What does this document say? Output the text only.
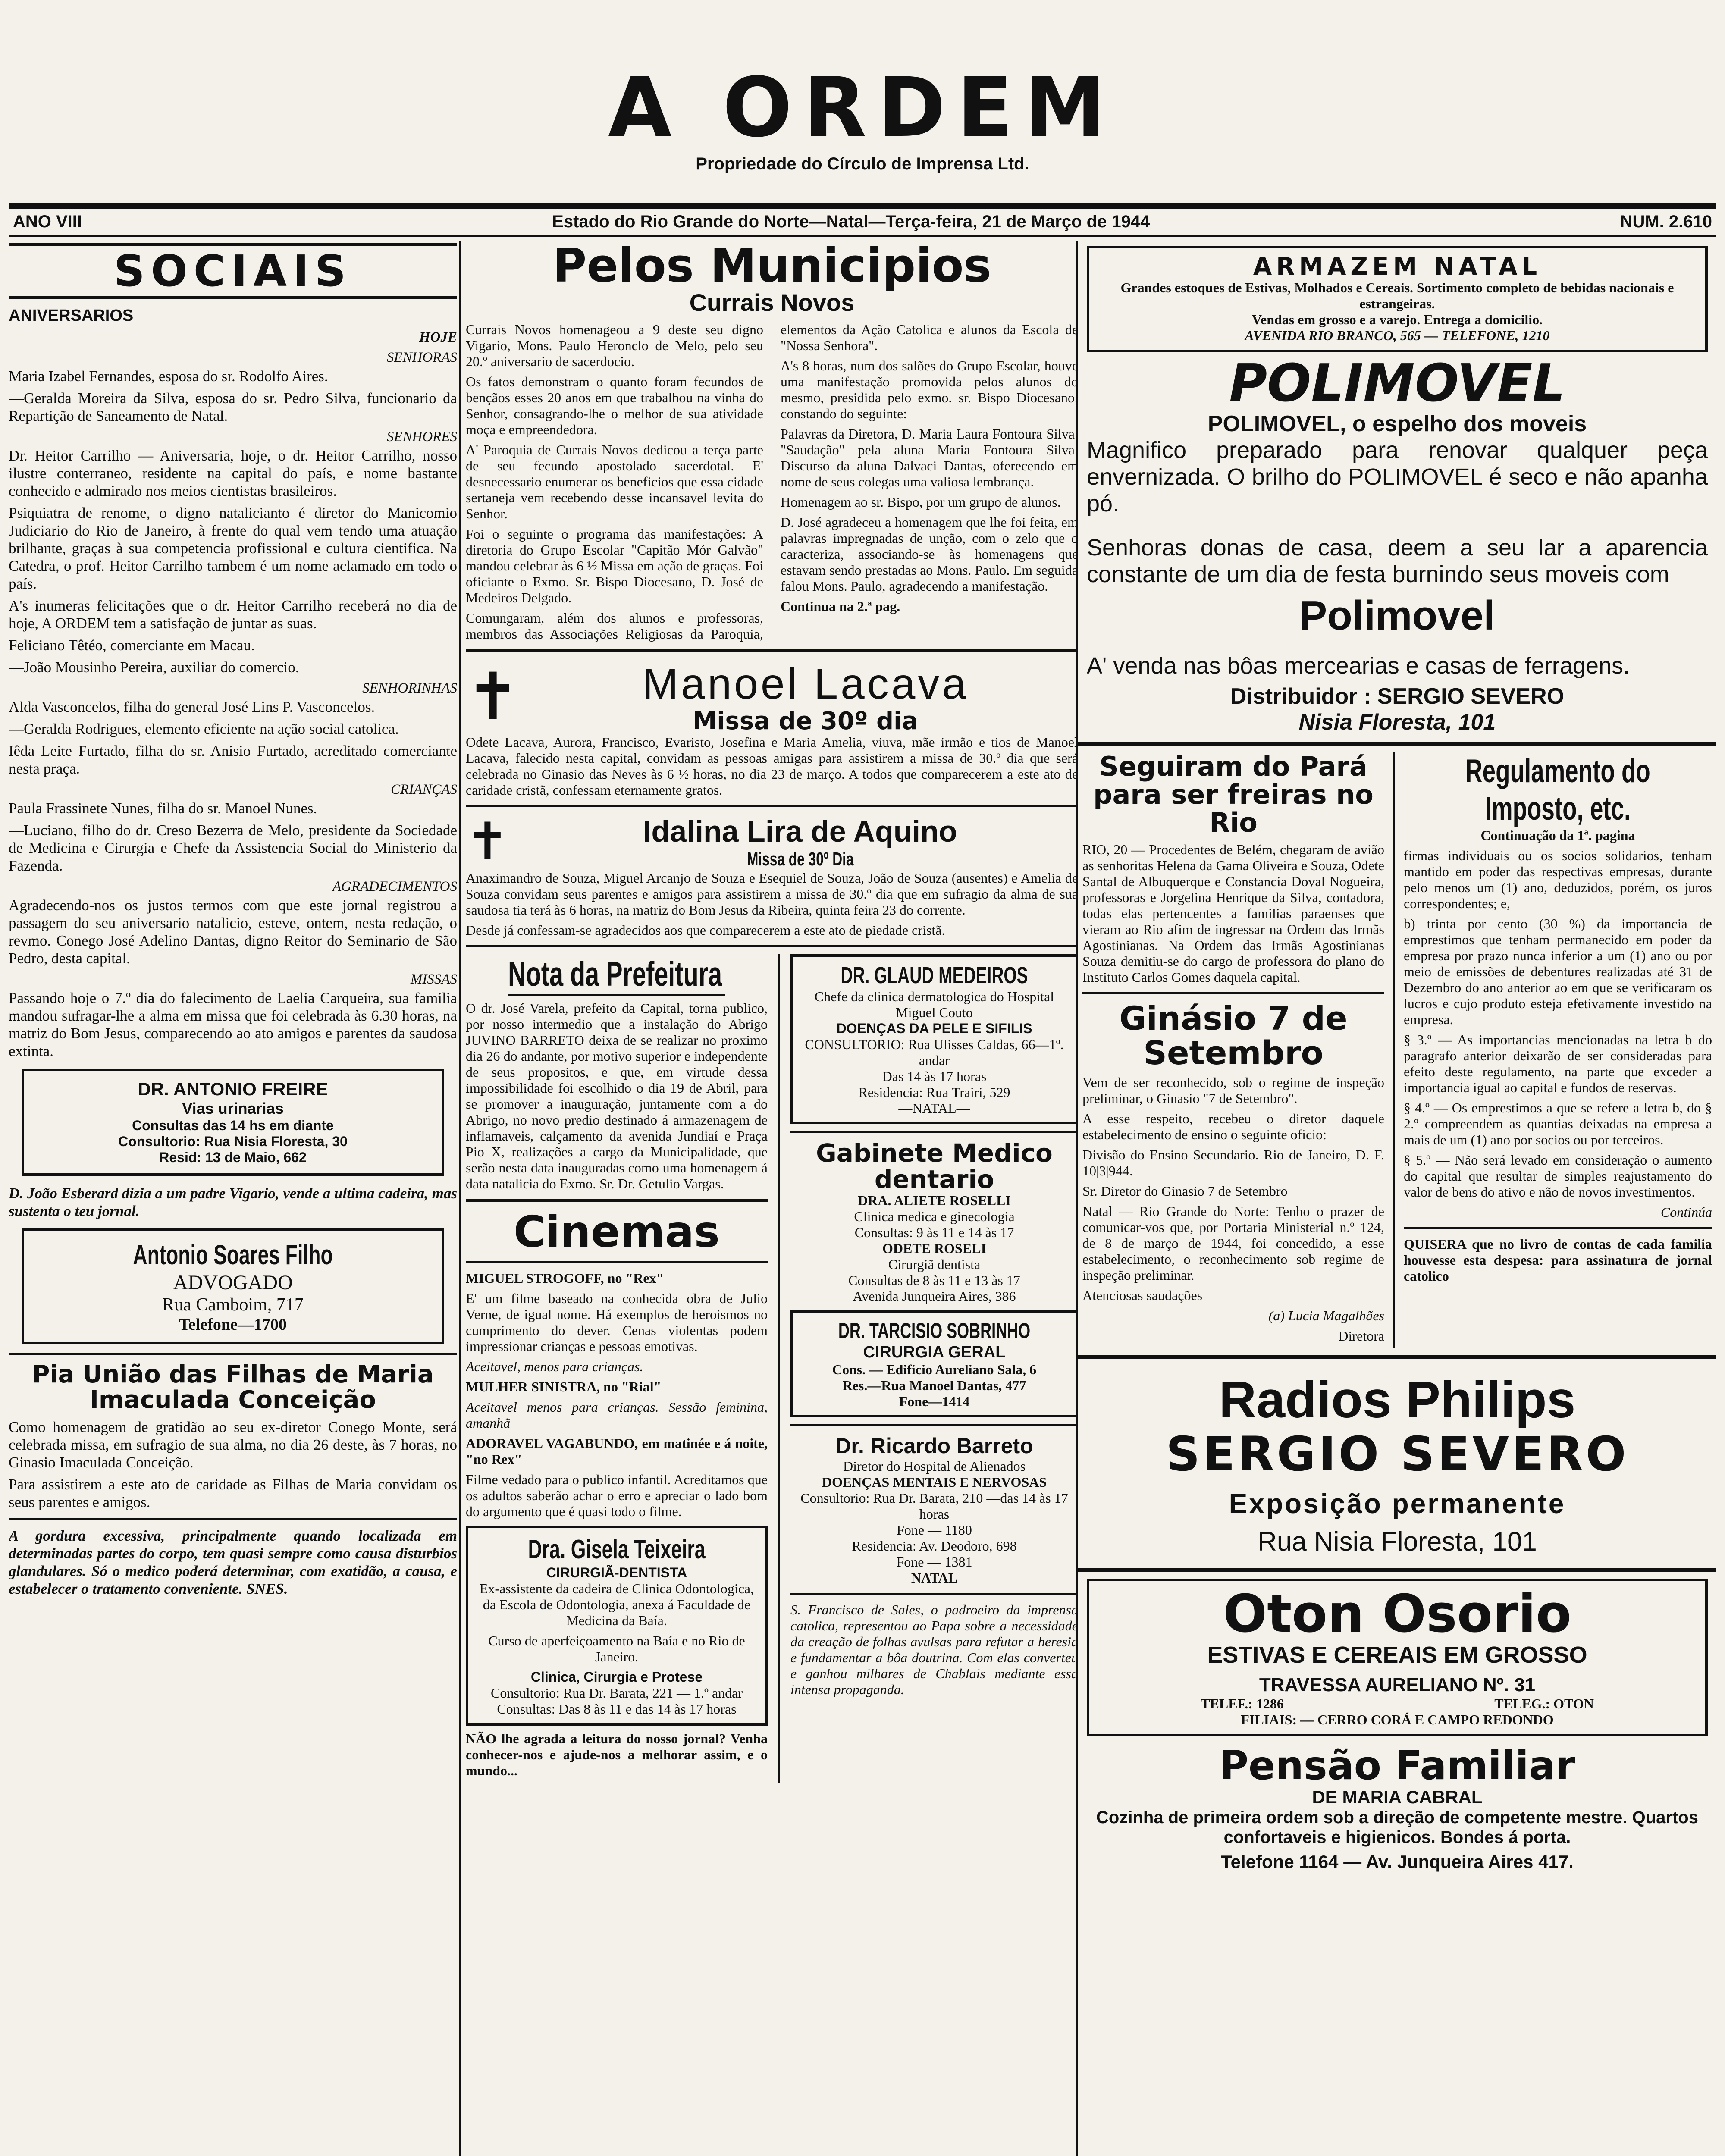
A ORDEM
Propriedade do Círculo de Imprensa Ltd.
ANO VIII	Estado do Rio Grande do Norte—Natal—Terça-feira, 21 de Março de 1944	NUM. 2.610
SOCIAIS
ANIVERSARIOS
HOJE
SENHORAS

Maria Izabel Fernandes, esposa do sr. Rodolfo Aires.

—Geralda Moreira da Silva, esposa do sr. Pedro Silva, funcionario da Repartição de Saneamento de Natal.

SENHORES

Dr. Heitor Carrilho — Aniversaria, hoje, o dr. Heitor Carrilho, nosso ilustre conterraneo, residente na capital do país, e nome bastante conhecido e admirado nos meios cientistas brasileiros.

Psiquiatra de renome, o digno natalicianto é diretor do Manicomio Judiciario do Rio de Janeiro, à frente do qual vem tendo uma atuação brilhante, graças à sua competencia profissional e cultura cientifica. Na Catedra, o prof. Heitor Carrilho tambem é um nome aclamado em todo o país.

A's inumeras felicitações que o dr. Heitor Carrilho receberá no dia de hoje, A ORDEM tem a satisfação de juntar as suas.

Feliciano Têtéo, comerciante em Macau.

—João Mousinho Pereira, auxiliar do comercio.

SENHORINHAS

Alda Vasconcelos, filha do general José Lins P. Vasconcelos.

—Geralda Rodrigues, elemento eficiente na ação social catolica.

Iêda Leite Furtado, filha do sr. Anisio Furtado, acreditado comerciante nesta praça.

CRIANÇAS

Paula Frassinete Nunes, filha do sr. Manoel Nunes.

—Luciano, filho do dr. Creso Bezerra de Melo, presidente da Sociedade de Medicina e Cirurgia e Chefe da Assistencia Social do Ministerio da Fazenda.

AGRADECIMENTOS

Agradecendo-nos os justos termos com que este jornal registrou a passagem do seu aniversario natalicio, esteve, ontem, nesta redação, o revmo. Conego José Adelino Dantas, digno Reitor do Seminario de São Pedro, desta capital.

MISSAS

Passando hoje o 7.º dia do falecimento de Laelia Carqueira, sua familia mandou sufragar-lhe a alma em missa que foi celebrada às 6.30 horas, na matriz do Bom Jesus, comparecendo ao ato amigos e parentes da saudosa extinta.

DR. ANTONIO FREIRE
Vias urinarias
Consultas das 14 hs em diante
Consultorio: Rua Nisia Floresta, 30
Resid: 13 de Maio, 662

D. João Esberard dizia a um padre Vigario, vende a ultima cadeira, mas sustenta o teu jornal.

Antonio Soares Filho
ADVOGADO
Rua Camboim, 717
Telefone—1700
Pia União das Filhas de Maria Imaculada Conceição

Como homenagem de gratidão ao seu ex-diretor Conego Monte, será celebrada missa, em sufragio de sua alma, no dia 26 deste, às 7 horas, no Ginasio Imaculada Conceição.

Para assistirem a este ato de caridade as Filhas de Maria convidam os seus parentes e amigos.

A gordura excessiva, principalmente quando localizada em determinadas partes do corpo, tem quasi sempre como causa disturbios glandulares. Só o medico poderá determinar, com exatidão, a causa, e estabelecer o tratamento conveniente. SNES.

Pelos Municipios
Currais Novos

Currais Novos homenageou a 9 deste seu digno Vigario, Mons. Paulo Heronclo de Melo, pelo seu 20.º aniversario de sacerdocio.

Os fatos demonstram o quanto foram fecundos de bençãos esses 20 anos em que trabalhou na vinha do Senhor, consagrando-lhe o melhor de sua atividade moça e empreendedora.

A' Paroquia de Currais Novos dedicou a terça parte de seu fecundo apostolado sacerdotal. E' desnecessario enumerar os beneficios que essa cidade sertaneja vem recebendo desse incansavel levita do Senhor.

Foi o seguinte o programa das manifestações: A diretoria do Grupo Escolar "Capitão Mór Galvão" mandou celebrar às 6 ½ Missa em ação de graças. Foi oficiante o Exmo. Sr. Bispo Diocesano, D. José de Medeiros Delgado.

Comungaram, além dos alunos e professoras, membros das Associações Religiosas da Paroquia, elementos da Ação Catolica e alunos da Escola de "Nossa Senhora".

A's 8 horas, num dos salões do Grupo Escolar, houve uma manifestação promovida pelos alunos do mesmo, presidida pelo exmo. sr. Bispo Diocesano, constando do seguinte:

Palavras da Diretora, D. Maria Laura Fontoura Silva. "Saudação" pela aluna Maria Fontoura Silva. Discurso da aluna Dalvaci Dantas, oferecendo em nome de seus colegas uma valiosa lembrança.

Homenagem ao sr. Bispo, por um grupo de alunos.

D. José agradeceu a homenagem que lhe foi feita, em palavras impregnadas de unção, com o zelo que o caracteriza, associando-se às homenagens que estavam sendo prestadas ao Mons. Paulo. Em seguida falou Mons. Paulo, agradecendo a manifestação.

Continua na 2.ª pag.

✝	Manoel Lacava
Missa de 30º dia

Odete Lacava, Aurora, Francisco, Evaristo, Josefina e Maria Amelia, viuva, mãe irmão e tios de Manoel Lacava, falecido nesta capital, convidam as pessoas amigas para assistirem a missa de 30.º dia que será celebrada no Ginasio das Neves às 6 ½ horas, no dia 23 de março. A todos que comparecerem a este ato de caridade cristã, confessam eternamente gratos.

✝	Idalina Lira de Aquino
Missa de 30º Dia

Anaximandro de Souza, Miguel Arcanjo de Souza e Esequiel de Souza, João de Souza (ausentes) e Amelia de Souza convidam seus parentes e amigos para assistirem a missa de 30.º dia que em sufragio da alma de sua saudosa tia terá às 6 horas, na matriz do Bom Jesus da Ribeira, quinta feira 23 do corrente.

Desde já confessam-se agradecidos aos que comparecerem a este ato de piedade cristã.

Nota da Prefeitura

O dr. José Varela, prefeito da Capital, torna publico, por nosso intermedio que a instalação do Abrigo JUVINO BARRETO deixa de se realizar no proximo dia 26 do andante, por motivo superior e independente de seus propositos, e que, em virtude dessa impossibilidade foi escolhido o dia 19 de Abril, para se promover a inauguração, juntamente com a do Abrigo, no novo predio destinado á armazenagem de inflamaveis, calçamento da avenida Jundiaí e Praça Pio X, realizações a cargo da Municipalidade, que serão nesta data inauguradas como uma homenagem á data natalicia do Exmo. Sr. Dr. Getulio Vargas.

Cinemas

MIGUEL STROGOFF, no "Rex"

E' um filme baseado na conhecida obra de Julio Verne, de igual nome. Há exemplos de heroismos no cumprimento do dever. Cenas violentas podem impressionar crianças e pessoas emotivas.

Aceitavel, menos para crianças.

MULHER SINISTRA, no "Rial"

Aceitavel menos para crianças. Sessão feminina, amanhã

ADORAVEL VAGABUNDO, em matinée e á noite, "no Rex"

Filme vedado para o publico infantil. Acreditamos que os adultos saberão achar o erro e apreciar o lado bom do argumento que é quasi todo o filme.

Dra. Gisela Teixeira
CIRURGIÃ-DENTISTA

Ex-assistente da cadeira de Clinica Odontologica, da Escola de Odontologia, anexa á Faculdade de Medicina da Baía.

Curso de aperfeiçoamento na Baía e no Rio de Janeiro.

Clinica, Cirurgia e Protese
Consultorio: Rua Dr. Barata, 221 — 1.º andar
Consultas: Das 8 às 11 e das 14 às 17 horas

NÃO lhe agrada a leitura do nosso jornal? Venha conhecer-nos e ajude-nos a melhorar assim, e o mundo...

DR. GLAUD MEDEIROS
Chefe da clinica dermatologica do Hospital Miguel Couto
DOENÇAS DA PELE E SIFILIS
CONSULTORIO: Rua Ulisses Caldas, 66—1º. andar
Das 14 às 17 horas
Residencia: Rua Trairi, 529
—NATAL—
Gabinete Medico dentario
DRA. ALIETE ROSELLI
Clinica medica e ginecologia
Consultas: 9 às 11 e 14 às 17
ODETE ROSELI
Cirurgiã dentista
Consultas de 8 às 11 e 13 às 17
Avenida Junqueira Aires, 386
DR. TARCISIO SOBRINHO
CIRURGIA GERAL
Cons. — Edificio Aureliano Sala, 6
Res.—Rua Manoel Dantas, 477
Fone—1414
Dr. Ricardo Barreto
Diretor do Hospital de Alienados
DOENÇAS MENTAIS E NERVOSAS
Consultorio: Rua Dr. Barata, 210 —das 14 às 17 horas
Fone — 1180
Residencia: Av. Deodoro, 698
Fone — 1381
NATAL

S. Francisco de Sales, o padroeiro da imprensa catolica, representou ao Papa sobre a necessidade da creação de folhas avulsas para refutar a heresia e fundamentar a bôa doutrina. Com elas converteu e ganhou milhares de Chablais mediante essa intensa propaganda.

ARMAZEM NATAL
Grandes estoques de Estivas, Molhados e Cereais. Sortimento completo de bebidas nacionais e estrangeiras.
Vendas em grosso e a varejo. Entrega a domicilio.
AVENIDA RIO BRANCO, 565 — TELEFONE, 1210
POLIMOVEL
POLIMOVEL, o espelho dos moveis

Magnifico preparado para renovar qualquer peça envernizada. O brilho do POLIMOVEL é seco e não apanha pó.

Senhoras donas de casa, deem a seu lar a aparencia constante de um dia de festa burnindo seus moveis com

Polimovel

A' venda nas bôas mercearias e casas de ferragens.

Distribuidor : SERGIO SEVERO
Nisia Floresta, 101
Seguiram do Pará para ser freiras no Rio

RIO, 20 — Procedentes de Belém, chegaram de avião as senhoritas Helena da Gama Oliveira e Souza, Odete Santal de Albuquerque e Constancia Doval Nogueira, professoras e Jorgelina Henrique da Silva, contadora, todas elas pertencentes a familias paraenses que vieram ao Rio afim de ingressar na Ordem das Irmãs Agostinianas. Na Ordem das Irmãs Agostinianas Souza demitiu-se do cargo de professora do plano do Instituto Carlos Gomes daquela capital.

Ginásio 7 de Setembro

Vem de ser reconhecido, sob o regime de inspeção preliminar, o Ginasio "7 de Setembro".

A esse respeito, recebeu o diretor daquele estabelecimento de ensino o seguinte oficio:

Divisão do Ensino Secundario. Rio de Janeiro, D. F. 10|3|944.

Sr. Diretor do Ginasio 7 de Setembro

Natal — Rio Grande do Norte: Tenho o prazer de comunicar-vos que, por Portaria Ministerial n.º 124, de 8 de março de 1944, foi concedido, a esse estabelecimento, o reconhecimento sob regime de inspeção preliminar.

Atenciosas saudações

(a) Lucia Magalhães

Diretora

Regulamento do Imposto, etc.
Continuação da 1ª. pagina

firmas individuais ou os socios solidarios, tenham mantido em poder das respectivas empresas, durante pelo menos um (1) ano, deduzidos, porém, os juros correspondentes; e,

b) trinta por cento (30 %) da importancia de emprestimos que tenham permanecido em poder da empresa por prazo nunca inferior a um (1) ano ou por meio de emissões de debentures realizadas até 31 de Dezembro do ano anterior ao em que se verificaram os lucros e cujo produto esteja efetivamente investido na empresa.

§ 3.º — As importancias mencionadas na letra b do paragrafo anterior deixarão de ser consideradas para efeito deste regulamento, na parte que exceder a importancia igual ao capital e fundos de reservas.

§ 4.º — Os emprestimos a que se refere a letra b, do § 2.º compreendem as quantias deixadas na empresa a mais de um (1) ano por socios ou por terceiros.

§ 5.º — Não será levado em consideração o aumento do capital que resultar de simples reajustamento do valor de bens do ativo e não de novos investimentos.

Continúa

QUISERA que no livro de contas de cada familia houvesse esta despesa: para assinatura de jornal catolico

Radios Philips
SERGIO SEVERO
Exposição permanente
Rua Nisia Floresta, 101
Oton Osorio
ESTIVAS E CEREAIS EM GROSSO
TRAVESSA AURELIANO Nº. 31
TELEF.: 1286	TELEG.: OTON
FILIAIS: — CERRO CORÁ E CAMPO REDONDO
Pensão Familiar
DE MARIA CABRAL

Cozinha de primeira ordem sob a direção de competente mestre. Quartos confortaveis e higienicos. Bondes á porta.

Telefone 1164 — Av. Junqueira Aires 417.
